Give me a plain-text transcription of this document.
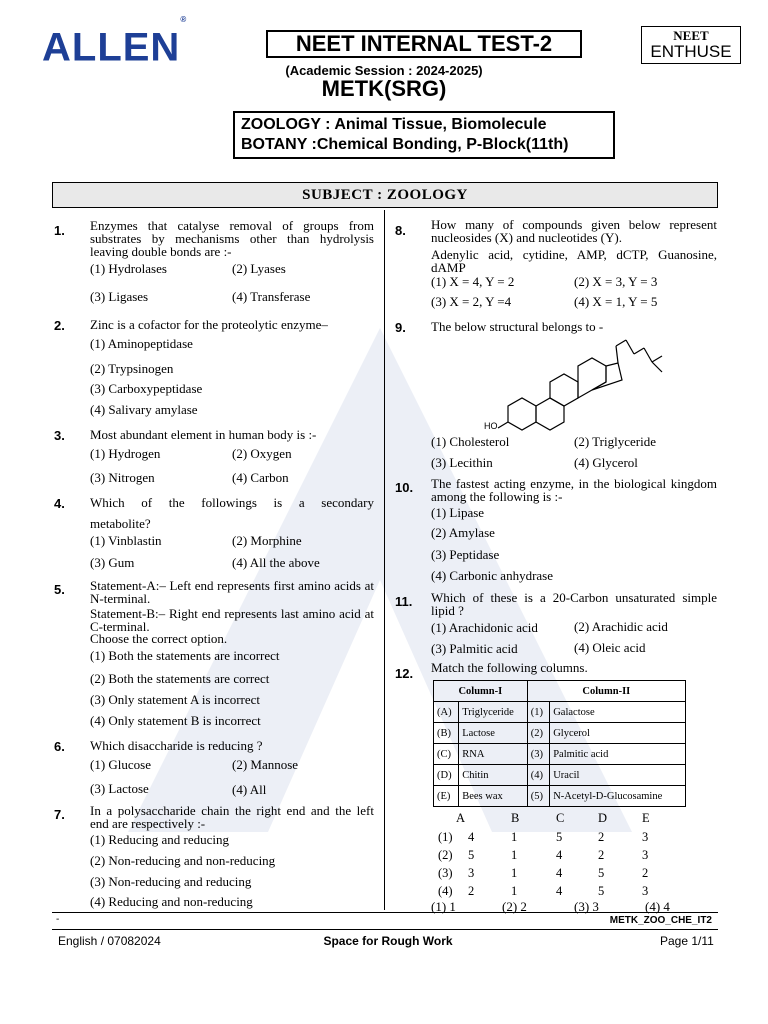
ALLEN®
NEET INTERNAL TEST-2	NEET
ENTHUSE
(Academic Session : 2024-2025)
METK(SRG)
ZOOLOGY : Animal Tissue, Biomolecule
BOTANY :Chemical Bonding, P-Block(11th)
SUBJECT : ZOOLOGY
1. Enzymes that catalyse removal of groups from substrates by mechanisms other than hydrolysis leaving double bonds are :-
(1) Hydrolases	(2) Lyases
(3) Ligases	(4) Transferase
2. Zinc is a cofactor for the proteolytic enzyme–
(1) Aminopeptidase
(2) Trypsinogen
(3) Carboxypeptidase
(4) Salivary amylase
3. Most abundant element in human body is :-
(1) Hydrogen	(2) Oxygen
(3) Nitrogen	(4) Carbon
4. Which of the followings is a secondary
metabolite?
(1) Vinblastin	(2) Morphine
(3) Gum	(4) All the above
5. Statement-A:– Left end represents first amino acids at N-terminal.
Statement-B:– Right end represents last amino acid at C-terminal.
Choose the correct option.
(1) Both the statements are incorrect
(2) Both the statements are correct
(3) Only statement A is incorrect
(4) Only statement B is incorrect
6. Which disaccharide is reducing ?
(1) Glucose	(2) Mannose
(3) Lactose	(4) All
7. In a polysaccharide chain the right end and the left end are respectively :-
(1) Reducing and reducing
(2) Non-reducing and non-reducing
(3) Non-reducing and reducing
(4) Reducing and non-reducing
8. How many of compounds given below represent nucleosides (X) and nucleotides (Y).
Adenylic acid, cytidine, AMP, dCTP, Guanosine, dAMP
(1) X = 4, Y = 2	(2) X = 3, Y = 3
(3) X = 2, Y =4	(4) X = 1, Y = 5
9. The below structural belongs to -
HO
(1) Cholesterol	(2) Triglyceride
(3) Lecithin	(4) Glycerol
10. The fastest acting enzyme, in the biological kingdom among the following is :-
(1) Lipase
(2) Amylase
(3) Peptidase
(4) Carbonic anhydrase
11. Which of these is a 20-Carbon unsaturated simple lipid ?
(1) Arachidonic acid	(2) Arachidic acid
(3) Palmitic acid	(4) Oleic acid
12. Match the following columns.
Column-I		Column-II	
(A)	Triglyceride	(1)	Galactose
(B)	Lactose	(2)	Glycerol
(C)	RNA	(3)	Palmitic acid
(D)	Chitin	(4)	Uracil
(E)	Bees wax	(5)	N-Acetyl-D-Glucosamine
A	B	C	D	E
(1) 4	1	5	2	3
(2) 5	1	4	2	3
(3) 3	1	4	5	2
(4) 2	1	4	5	3
(1) 1	(2) 2	(3) 3	(4) 4
-	METK_ZOO_CHE_IT2
English / 07082024	Space for Rough Work	Page 1/11
